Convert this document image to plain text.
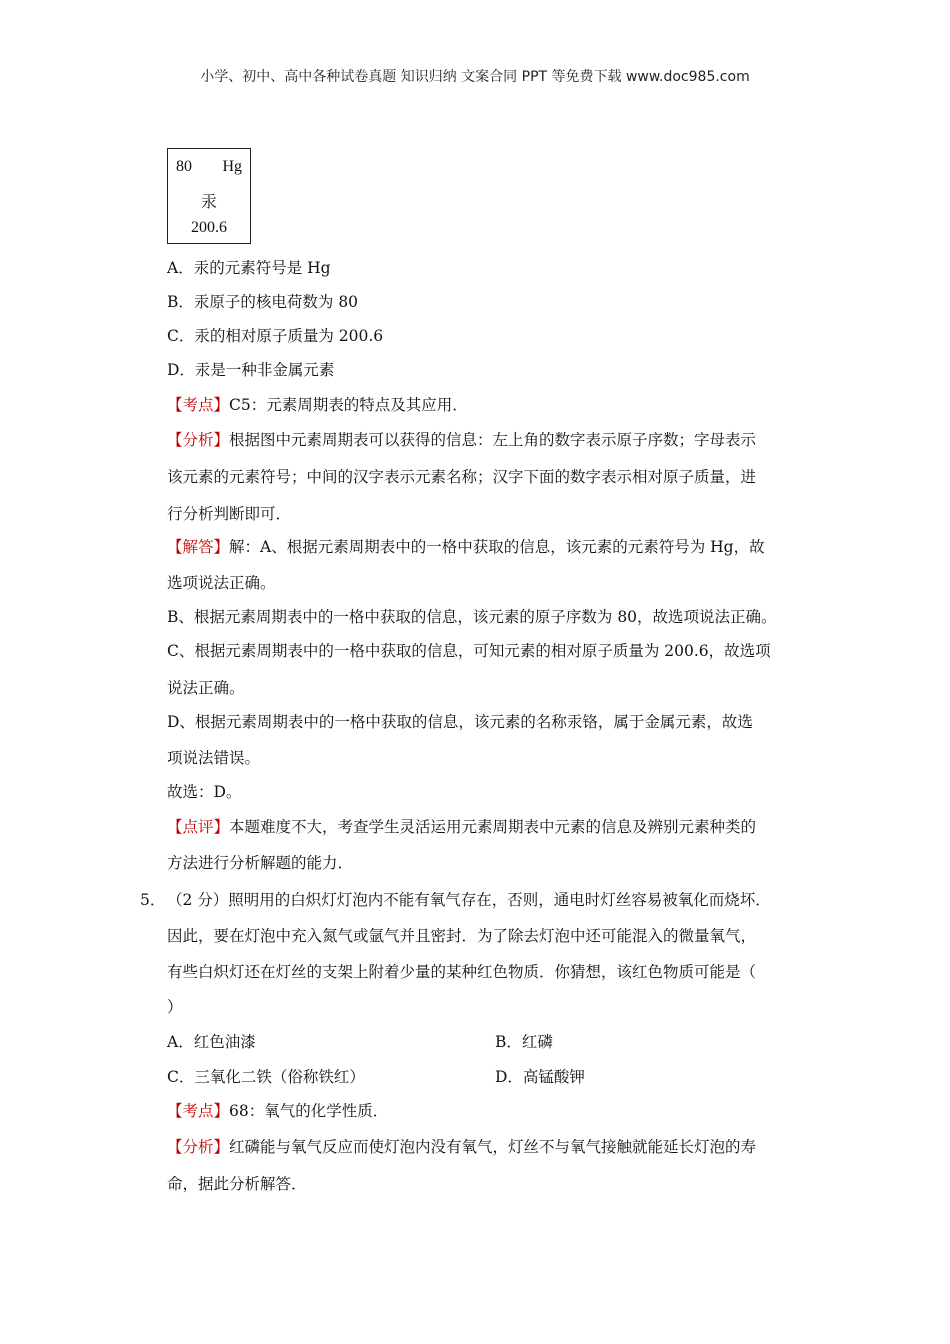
小学、初中、高中各种试卷真题 知识归纳 文案合同 PPT 等免费下载 www.doc985.com
80 Hg
汞
200.6
A．汞的元素符号是 Hg
B．汞原子的核电荷数为 80
C．汞的相对原子质量为 200.6
D．汞是一种非金属元素
【考点】C5：元素周期表的特点及其应用．
【分析】根据图中元素周期表可以获得的信息：左上角的数字表示原子序数；字母表示
该元素的元素符号；中间的汉字表示元素名称；汉字下面的数字表示相对原子质量，进
行分析判断即可．
【解答】解：A、根据元素周期表中的一格中获取的信息，该元素的元素符号为 Hg，故
选项说法正确。
B、根据元素周期表中的一格中获取的信息，该元素的原子序数为 80，故选项说法正确。
C、根据元素周期表中的一格中获取的信息，可知元素的相对原子质量为 200.6，故选项
说法正确。
D、根据元素周期表中的一格中获取的信息，该元素的名称汞铬，属于金属元素，故选
项说法错误。
故选：D。
【点评】本题难度不大，考查学生灵活运用元素周期表中元素的信息及辨别元素种类的
方法进行分析解题的能力．
5． （2 分）照明用的白炽灯灯泡内不能有氧气存在，否则，通电时灯丝容易被氧化而烧坏．
因此，要在灯泡中充入氮气或氩气并且密封．为了除去灯泡中还可能混入的微量氧气，
有些白炽灯还在灯丝的支架上附着少量的某种红色物质．你猜想，该红色物质可能是（
）
A．红色油漆	B．红磷
C．三氧化二铁（俗称铁红）	D．高锰酸钾
【考点】68：氧气的化学性质．
【分析】红磷能与氧气反应而使灯泡内没有氧气，灯丝不与氧气接触就能延长灯泡的寿
命，据此分析解答．
